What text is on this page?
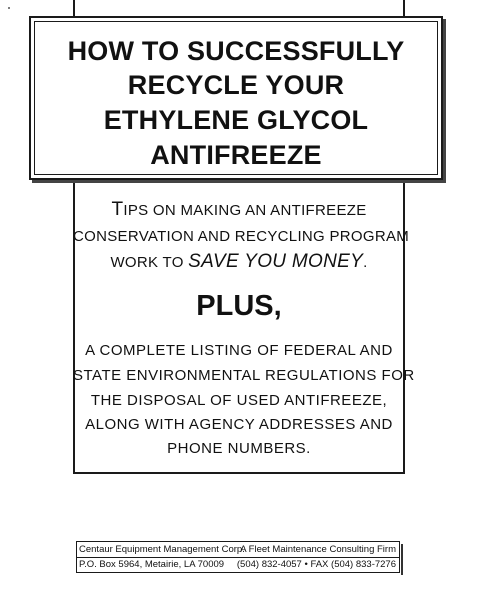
HOW TO SUCCESSFULLY
RECYCLE YOUR
ETHYLENE GLYCOL
ANTIFREEZE
TIPS ON MAKING AN ANTIFREEZE
CONSERVATION AND RECYCLING PROGRAM
WORK TO SAVE YOU MONEY.
PLUS,
A COMPLETE LISTING OF FEDERAL AND
STATE ENVIRONMENTAL REGULATIONS FOR
THE DISPOSAL OF USED ANTIFREEZE,
ALONG WITH AGENCY ADDRESSES AND
PHONE NUMBERS.
Centaur Equipment Management Corp.
A Fleet Maintenance Consulting Firm
P.O. Box 5964, Metairie, LA 70009 (504) 832-4057 • FAX (504) 833-7276
